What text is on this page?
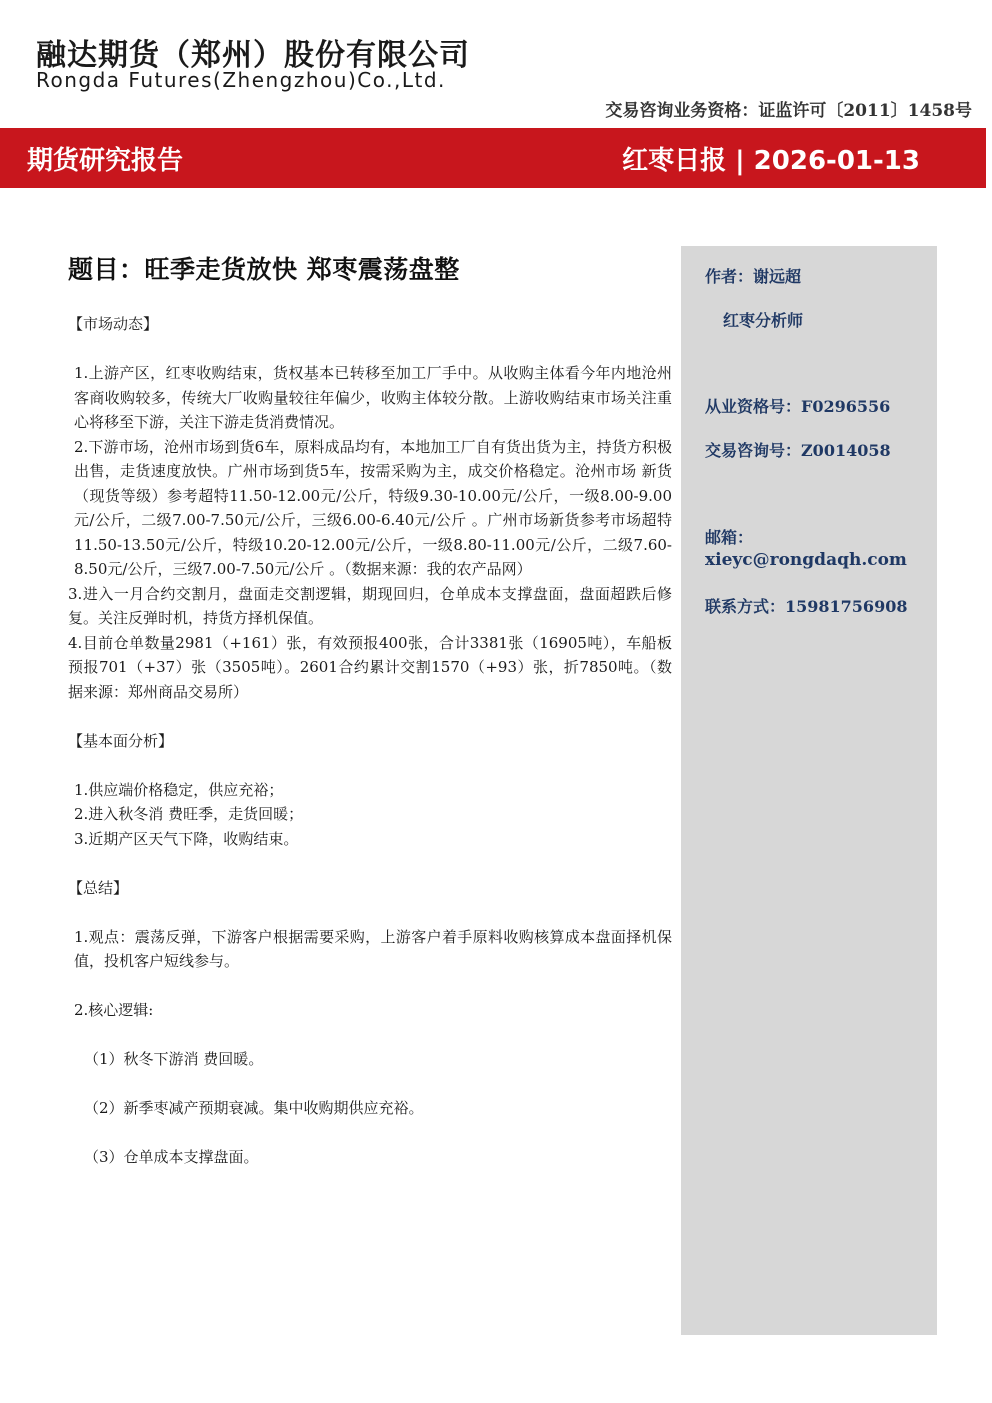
融达期货（郑州）股份有限公司
Rongda Futures(Zhengzhou)Co.,Ltd.
交易咨询业务资格：证监许可〔2011〕1458号
期货研究报告	红枣日报 | 2026-01-13
题目：旺季走货放快 郑枣震荡盘整
【市场动态】

1.上游产区，红枣收购结束，货权基本已转移至加工厂手中。从收购主体看今年内地沧州客商收购较多，传统大厂收购量较往年偏少，收购主体较分散。上游收购结束市场关注重心将移至下游，关注下游走货消费情况。

2.下游市场，沧州市场到货6车，原料成品均有，本地加工厂自有货出货为主，持货方积极出售，走货速度放快。广州市场到货5车，按需采购为主，成交价格稳定。沧州市场 新货（现货等级）参考超特11.50-12.00元/公斤，特级9.30-10.00元/公斤，一级8.00-9.00元/公斤，二级7.00-7.50元/公斤，三级6.00-6.40元/公斤 。广州市场新货参考市场超特11.50-13.50元/公斤，特级10.20-12.00元/公斤，一级8.80-11.00元/公斤，二级7.60-8.50元/公斤，三级7.00-7.50元/公斤 。（数据来源：我的农产品网）

3.进入一月合约交割月，盘面走交割逻辑，期现回归，仓单成本支撑盘面，盘面超跌后修复。关注反弹时机，持货方择机保值。

4.目前仓单数量2981（+161）张，有效预报400张，合计3381张（16905吨），车船板预报701（+37）张（3505吨）。2601合约累计交割1570（+93）张，折7850吨。（数据来源：郑州商品交易所）

【基本面分析】

1.供应端价格稳定，供应充裕；

2.进入秋冬消 费旺季，走货回暖；

3.近期产区天气下降，收购结束。

【总结】

1.观点：震荡反弹，下游客户根据需要采购，上游客户着手原料收购核算成本盘面择机保值，投机客户短线参与。

2.核心逻辑:

（1）秋冬下游消 费回暖。

（2）新季枣减产预期衰减。集中收购期供应充裕。

（3）仓单成本支撑盘面。

作者：谢远超
红枣分析师
从业资格号：F0296556
交易咨询号：Z0014058
邮箱：
xieyc@rongdaqh.com
联系方式：15981756908
